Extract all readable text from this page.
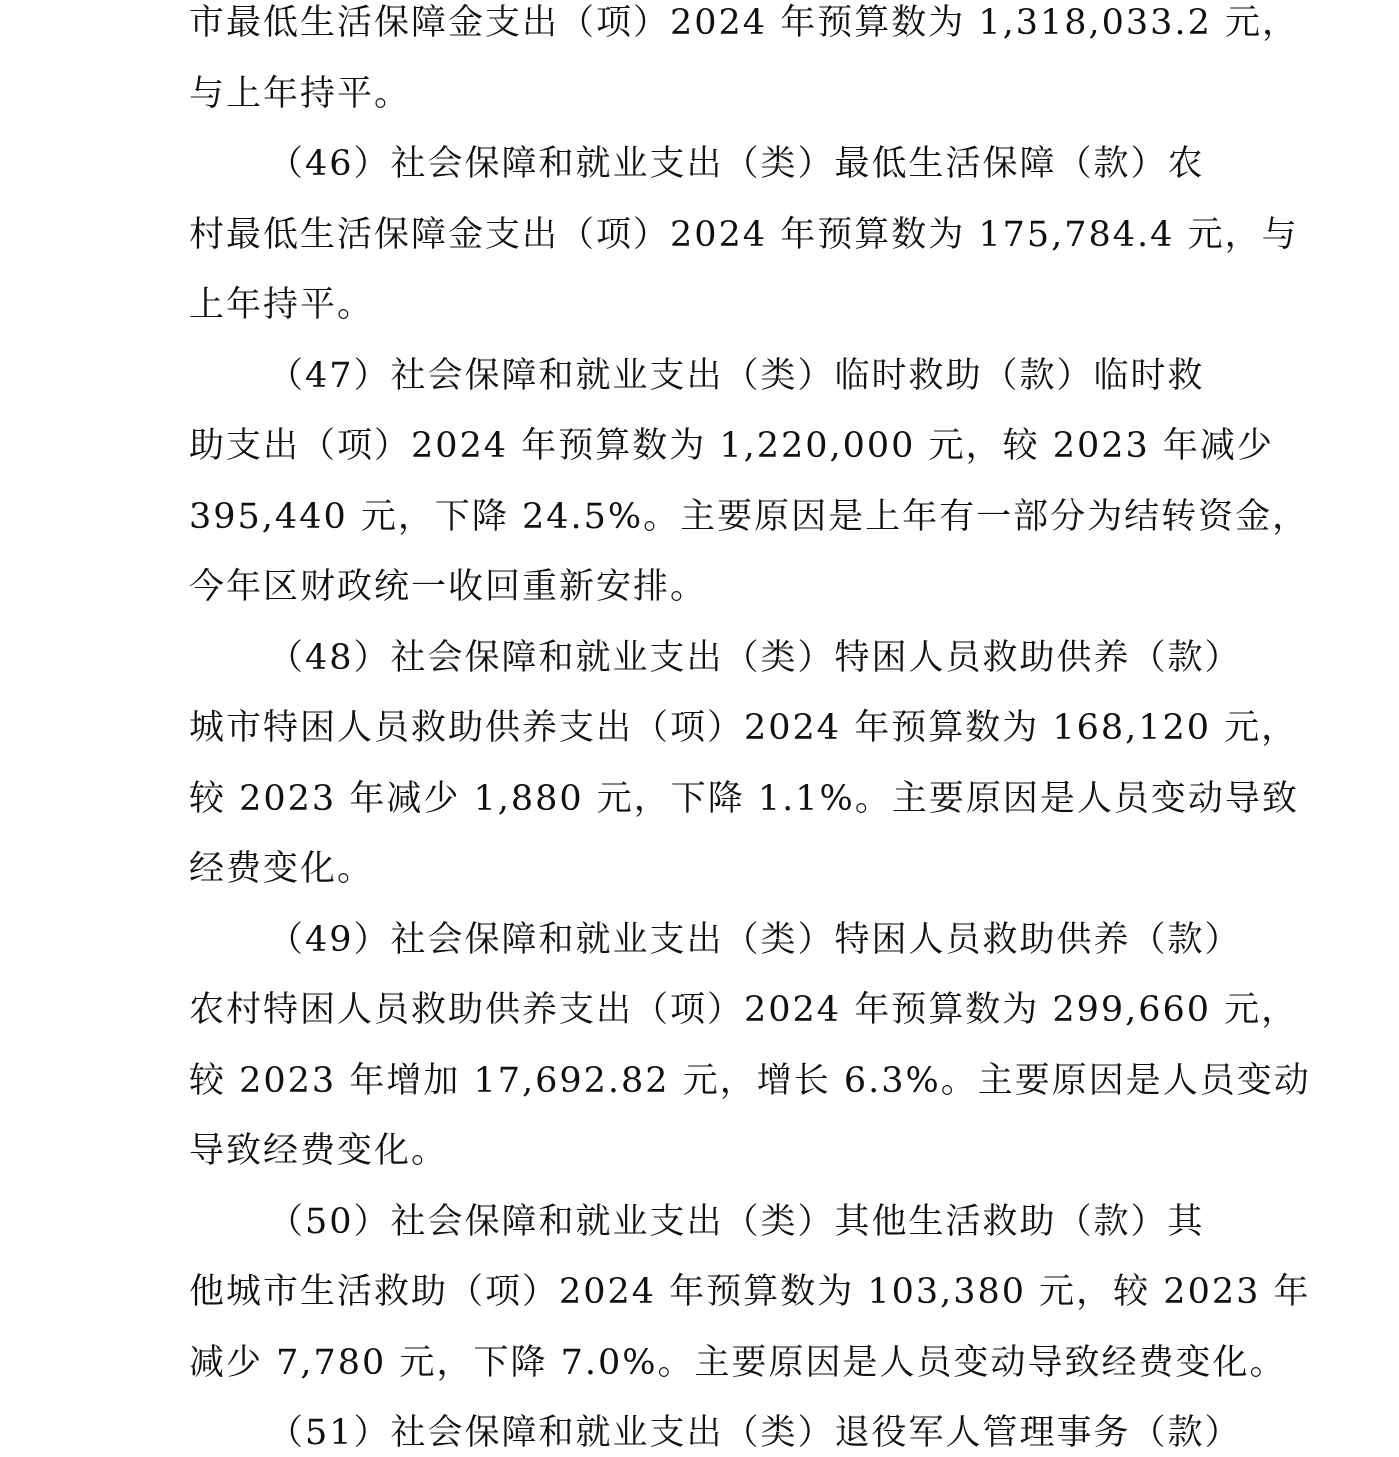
市最低生活保障金支出（项）2024 年预算数为 1,318,033.2 元，

与上年持平。

（46）社会保障和就业支出（类）最低生活保障（款）农

村最低生活保障金支出（项）2024 年预算数为 175,784.4 元，与

上年持平。

（47）社会保障和就业支出（类）临时救助（款）临时救

助支出（项）2024 年预算数为 1,220,000 元，较 2023 年减少

395,440 元，下降 24.5%。主要原因是上年有一部分为结转资金，

今年区财政统一收回重新安排。

（48）社会保障和就业支出（类）特困人员救助供养（款）

城市特困人员救助供养支出（项）2024 年预算数为 168,120 元，

较 2023 年减少 1,880 元，下降 1.1%。主要原因是人员变动导致

经费变化。

（49）社会保障和就业支出（类）特困人员救助供养（款）

农村特困人员救助供养支出（项）2024 年预算数为 299,660 元，

较 2023 年增加 17,692.82 元，增长 6.3%。主要原因是人员变动

导致经费变化。

（50）社会保障和就业支出（类）其他生活救助（款）其

他城市生活救助（项）2024 年预算数为 103,380 元，较 2023 年

减少 7,780 元，下降 7.0%。主要原因是人员变动导致经费变化。

（51）社会保障和就业支出（类）退役军人管理事务（款）
